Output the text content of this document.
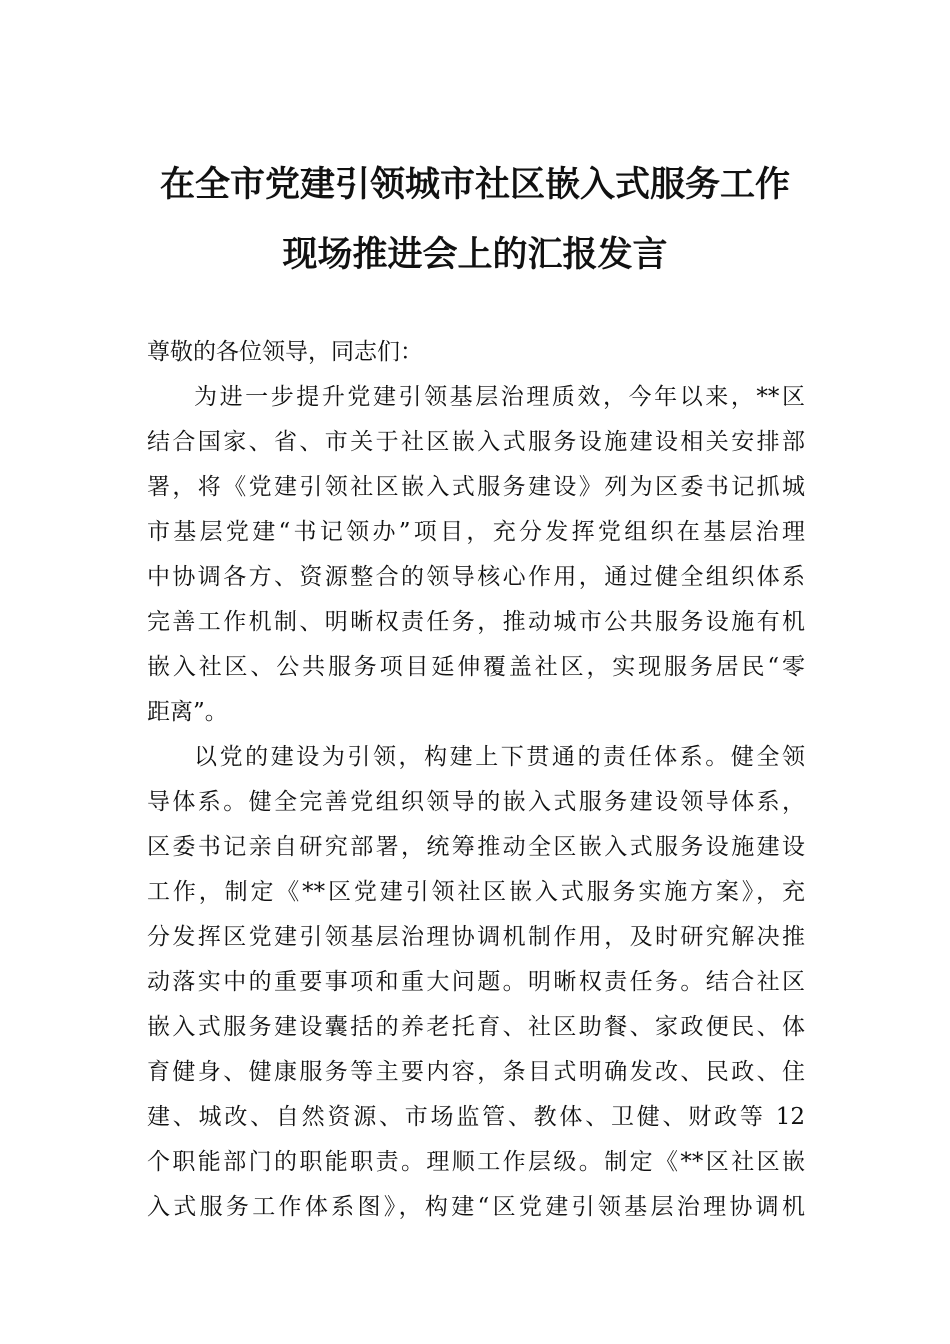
在全市党建引领城市社区嵌入式服务工作
现场推进会上的汇报发言
尊敬的各位领导，同志们：
为进一步提升党建引领基层治理质效，今年以来，**区
结合国家、省、市关于社区嵌入式服务设施建设相关安排部
署，将《党建引领社区嵌入式服务建设》列为区委书记抓城
市基层党建“书记领办”项目，充分发挥党组织在基层治理
中协调各方、资源整合的领导核心作用，通过健全组织体系
完善工作机制、明晰权责任务，推动城市公共服务设施有机
嵌入社区、公共服务项目延伸覆盖社区，实现服务居民“零
距离”。
以党的建设为引领，构建上下贯通的责任体系。健全领
导体系。健全完善党组织领导的嵌入式服务建设领导体系，
区委书记亲自研究部署，统筹推动全区嵌入式服务设施建设
工作，制定《**区党建引领社区嵌入式服务实施方案》，充
分发挥区党建引领基层治理协调机制作用，及时研究解决推
动落实中的重要事项和重大问题。明晰权责任务。结合社区
嵌入式服务建设囊括的养老托育、社区助餐、家政便民、体
育健身、健康服务等主要内容，条目式明确发改、民政、住
建、城改、自然资源、市场监管、教体、卫健、财政等 12
个职能部门的职能职责。理顺工作层级。制定《**区社区嵌
入式服务工作体系图》，构建“区党建引领基层治理协调机
